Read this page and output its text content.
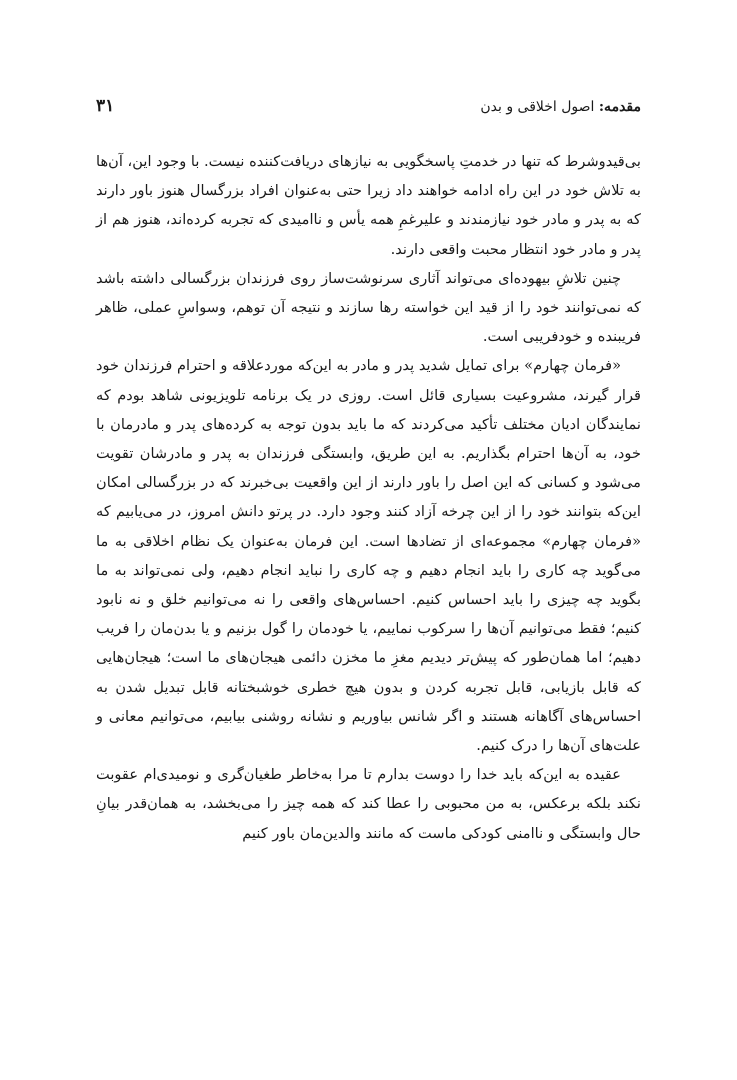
مقدمه: اصول اخلاقی و بدن
۳۱

بی‌قیدوشرط که تنها در خدمتِ پاسخگویی به نیازهای دریافت‌کننده نیست. با وجود این، آن‌ها به تلاش خود در این راه ادامه خواهند داد زیرا حتی به‌عنوان افراد بزرگسال هنوز باور دارند که به پدر و مادر خود نیازمندند و علیرغمِ همه یأس و ناامیدی که تجربه کرده‌اند، هنوز هم از پدر و مادر خود انتظار محبت واقعی دارند.

چنین تلاشِ بیهوده‌ای می‌تواند آثاری سرنوشت‌ساز روی فرزندان بزرگسالی داشته باشد که نمی‌توانند خود را از قید این خواسته رها سازند و نتیجه آن توهم، وسواسِ عملی، ظاهر فریبنده و خودفریبی است.

«فرمان چهارم» برای تمایل شدید پدر و مادر به این‌که موردعلاقه و احترام فرزندان خود قرار گیرند، مشروعیت بسیاری قائل است. روزی در یک برنامه تلویزیونی شاهد بودم که نمایندگان ادیان مختلف تأکید می‌کردند که ما باید بدون توجه به کرده‌های پدر و مادرمان با خود، به آن‌ها احترام بگذاریم. به این طریق، وابستگی فرزندان به پدر و مادرشان تقویت می‌شود و کسانی که این اصل را باور دارند از این واقعیت بی‌خبرند که در بزرگسالی امکان این‌که بتوانند خود را از این چرخه آزاد کنند وجود دارد. در پرتو دانش امروز، در می‌یابیم که «فرمان چهارم» مجموعه‌ای از تضادها است. این فرمان به‌عنوان یک نظام اخلاقی به ما می‌گوید چه کاری را باید انجام دهیم و چه کاری را نباید انجام دهیم، ولی نمی‌تواند به ما بگوید چه چیزی را باید احساس کنیم. احساس‌های واقعی را نه می‌توانیم خلق و نه نابود کنیم؛ فقط می‌توانیم آن‌ها را سرکوب نماییم، یا خودمان را گول بزنیم و یا بدن‌مان را فریب دهیم؛ اما همان‌طور که پیش‌تر دیدیم مغزِ ما مخزن دائمی هیجان‌های ما است؛ هیجان‌هایی که قابل بازیابی، قابل تجربه کردن و بدون هیچ خطری خوشبختانه قابل تبدیل شدن به احساس‌های آگاهانه هستند و اگر شانس بیاوریم و نشانه روشنی بیابیم، می‌توانیم معانی و علت‌های آن‌ها را درک کنیم.

عقیده به این‌که باید خدا را دوست بدارم تا مرا به‌خاطر طغیان‌گری و نومیدی‌ام عقوبت نکند بلکه برعکس، به من محبوبی را عطا کند که همه چیز را می‌بخشد، به همان‌قدر بیانِ حال وابستگی و ناامنی کودکی ماست که مانند والدین‌مان باور کنیم
